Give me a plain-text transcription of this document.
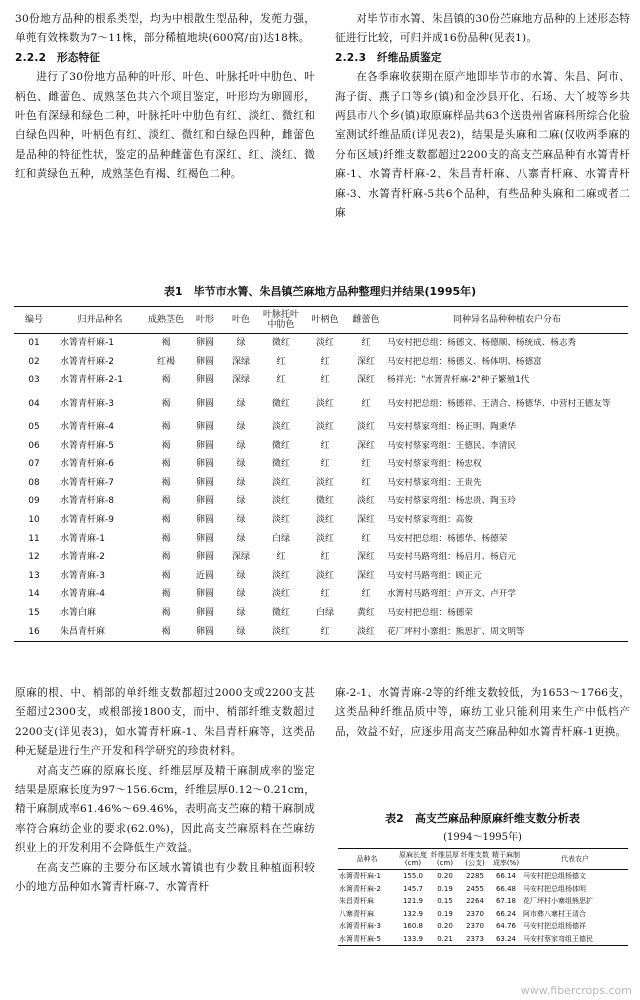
30份地方品种的根系类型，均为中根散生型品种，发蔸力强，单蔸有效株数为7～11株，部分稀植地块(600窝/亩)达18株。

2.2.2　形态特征

进行了30份地方品种的叶形、叶色、叶脉托叶中肋色、叶柄色、雌蕾色、成熟茎色共六个项目鉴定，叶形均为卵圆形，叶色有深绿和绿色二种，叶脉托叶中肋色有红、淡红、微红和白绿色四种，叶柄色有红、淡红、微红和白绿色四种，雌蕾色是品种的特征性状，鉴定的品种雌蕾色有深红、红、淡红、微红和黄绿色五种，成熟茎色有褐、红褐色二种。

对毕节市水箐、朱昌镇的30份苎麻地方品种的上述形态特征进行比较，可归并成16份品种(见表1)。

2.2.3　纤维品质鉴定

在各季麻收获期在原产地即毕节市的水箐、朱昌、阿市、海子街、燕子口等乡(镇)和金沙县开化、石场、大丫坡等乡共两县市八个乡(镇)取原麻样品共63个送贵州省麻科所综合化验室测试纤维品质(详见表2)，结果是头麻和二麻(仅收两季麻的分布区域)纤维支数都超过2200支的高支苎麻品种有水箐青杆麻-1、水箐青杆麻-2、朱昌青杆麻、八寨青杆麻、水箐青杆麻-3、水箐青杆麻-5共6个品种，有些品种头麻和二麻或者二麻

表1　毕节市水箐、朱昌镇苎麻地方品种整理归并结果(1995年)
编号	归并品种名	成熟茎色	叶形	叶色	叶脉托叶中肋色	叶柄色	雌蕾色	同种异名品种种植农户分布
01	水箐青杆麻-1	褐	卵圆	绿	微红	淡红	红	马安村把总组：杨德文、杨德顺、杨统成、杨志秀
02	水箐青杆麻-2	红褐	卵圆	深绿	红	红	深红	马安村把总组：杨德义、杨体明、杨德富
03	水箐青杆麻-2-1	褐	卵圆	深绿	红	红	深红	杨祥光："水箐青杆麻-2"种子繁殖1代
04	水箐青杆麻-3	褐	卵圆	绿	微红	淡红	红	马安村把总组：杨德祥、王清合、杨德华、中营村王德友等
05	水箐青杆麻-4	褐	卵圆	绿	淡红	淡红	淡红	马安村蔡家弯组：杨正明、陶秉华
06	水箐青杆麻-5	褐	卵圆	绿	微红	红	深红	马安村蔡家弯组：王德民、李清民
07	水箐青杆麻-6	褐	卵圆	绿	微红	红	红	马安村蔡家弯组：杨忠权
08	水箐青杆麻-7	褐	卵圆	绿	淡红	淡红	红	马安村蔡家弯组：王贵先
09	水箐青杆麻-8	褐	卵圆	绿	淡红	微红	淡红	马安村蔡家弯组：杨忠贵、陶玉玲
10	水箐青杆麻-9	褐	卵圆	绿	淡红	淡红	深红	马安村蔡家弯组：高俊
11	水箐青麻-1	褐	卵圆	绿	白绿	淡红	红	马安村把总组：杨德华、杨德荣
12	水箐青麻-2	褐	卵圆	深绿	红	红	深红	马安村马路弯组：杨启月、杨启元
13	水箐青麻-3	褐	近圆	绿	淡红	淡红	深红	马安村马路弯组：顾正元
14	水箐青麻-4	褐	卵圆	绿	淡红	红	红	水箐村马路弯组：卢开文、卢开学
15	水箐白麻	褐	卵圆	绿	微红	白绿	黄红	马安村把总组：杨德荣
16	朱昌青杆麻	褐	卵圆	绿	淡红	红	淡红	花厂坪村小寨组：熊思扩、周文明等

原麻的根、中、梢部的单纤维支数都超过2000支或2200支甚至超过2300支，或根部接1800支，而中、梢部纤维支数超过2200支(详见表3)，如水箐青杆麻-1、朱昌青杆麻等，这类品种无疑是进行生产开发和科学研究的珍贵材料。

对高支苎麻的原麻长度、纤维层厚及精干麻制成率的鉴定结果是原麻长度为97～156.6cm，纤维层厚0.12～0.21cm，精干麻制成率61.46%～69.46%，表明高支苎麻的精干麻制成率符合麻纺企业的要求(62.0%)，因此高支苎麻原料在苎麻纺织业上的开发利用不会降低生产效益。

在高支苎麻的主要分布区域水箐镇也有少数且种植面积较小的地方品种如水箐青杆麻-7、水箐青杆

麻-2-1、水箐青麻-2等的纤维支数较低，为1653～1766支，这类品种纤维品质中等，麻纺工业只能利用来生产中低档产品，效益不好，应逐步用高支苎麻品种如水箐青杆麻-1更换。

表2　高支苎麻品种原麻纤维支数分析表
(1994～1995年)
品种名	原麻长度(cm)	纤维层厚(cm)	纤维支数(公支)	精干麻制成率(%)	代表农户
水箐青杆麻-1	155.0	0.20	2285	66.14	马安村把总组杨德文
水箐青杆麻-2	145.7	0.19	2455	66.48	马安村把总组杨体明
朱昌青杆麻	121.9	0.15	2264	67.18	花厂坪村小寨组熊思扩
八寨青杆麻	132.9	0.19	2370	66.24	阿市彝八寨村王清合
水箐青杆麻-3	160.8	0.20	2370	64.76	马安村把总组杨德祥
水箐青杆麻-5	133.9	0.21	2373	63.24	马安村蔡家弯组王德民
www.fibercrops.com
